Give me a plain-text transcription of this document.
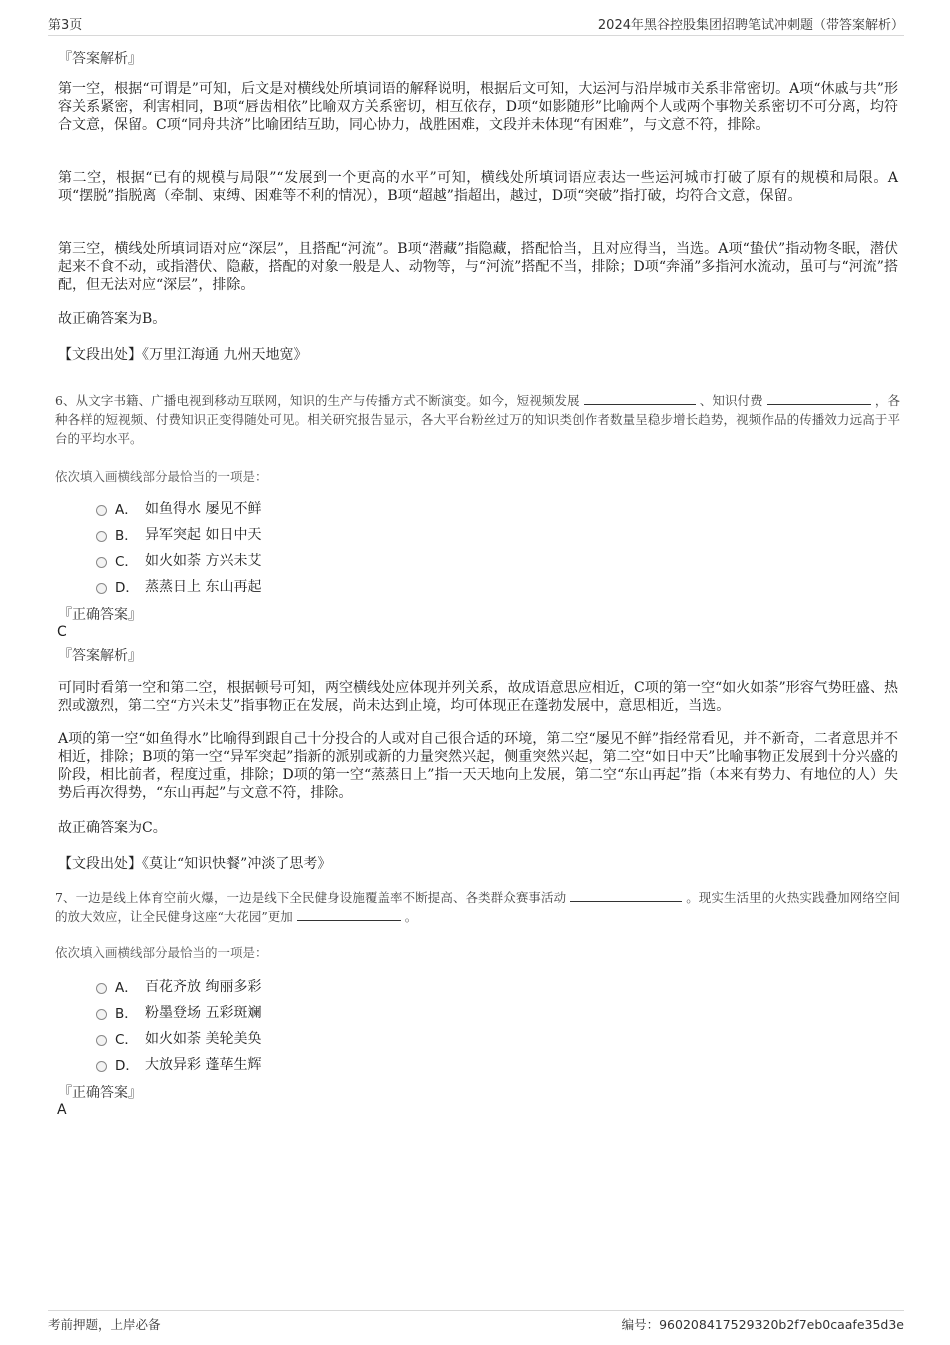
第3页	2024年黑谷控股集团招聘笔试冲刺题（带答案解析）
『答案解析』
第一空，根据“可谓是”可知，后文是对横线处所填词语的解释说明，根据后文可知，大运河与沿岸城市关系非常密切。A项“休戚与共”形容关系紧密，利害相同，B项“唇齿相依”比喻双方关系密切，相互依存，D项“如影随形”比喻两个人或两个事物关系密切不可分离，均符合文意，保留。C项“同舟共济”比喻团结互助，同心协力，战胜困难，文段并未体现“有困难”，与文意不符，排除。
第二空，根据“已有的规模与局限”“发展到一个更高的水平”可知，横线处所填词语应表达一些运河城市打破了原有的规模和局限。A项“摆脱”指脱离（牵制、束缚、困难等不利的情况），B项“超越”指超出，越过，D项“突破”指打破，均符合文意，保留。
第三空，横线处所填词语对应“深层”，且搭配“河流”。B项“潜藏”指隐藏，搭配恰当，且对应得当，当选。A项“蛰伏”指动物冬眠，潜伏起来不食不动，或指潜伏、隐蔽，搭配的对象一般是人、动物等，与“河流”搭配不当，排除；D项“奔涌”多指河水流动，虽可与“河流”搭配，但无法对应“深层”，排除。
故正确答案为B。
【文段出处】《万里江海通 九州天地宽》
6、从文字书籍、广播电视到移动互联网，知识的生产与传播方式不断演变。如今，短视频发展	、知识付费	，各种各样的短视频、付费知识正变得随处可见。相关研究报告显示，各大平台粉丝过万的知识类创作者数量呈稳步增长趋势，视频作品的传播效力远高于平台的平均水平。
依次填入画横线部分最恰当的一项是：
A． 如鱼得水 屡见不鲜
B． 异军突起 如日中天
C． 如火如荼 方兴未艾
D． 蒸蒸日上 东山再起
『正确答案』
C
『答案解析』
可同时看第一空和第二空，根据顿号可知，两空横线处应体现并列关系，故成语意思应相近，C项的第一空“如火如荼”形容气势旺盛、热烈或激烈，第二空“方兴未艾”指事物正在发展，尚未达到止境，均可体现正在蓬勃发展中，意思相近，当选。
A项的第一空“如鱼得水”比喻得到跟自己十分投合的人或对自己很合适的环境，第二空“屡见不鲜”指经常看见，并不新奇，二者意思并不相近，排除；B项的第一空“异军突起”指新的派别或新的力量突然兴起，侧重突然兴起，第二空“如日中天”比喻事物正发展到十分兴盛的阶段，相比前者，程度过重，排除；D项的第一空“蒸蒸日上”指一天天地向上发展，第二空“东山再起”指（本来有势力、有地位的人）失势后再次得势，“东山再起”与文意不符，排除。
故正确答案为C。
【文段出处】《莫让“知识快餐”冲淡了思考》
7、一边是线上体育空前火爆，一边是线下全民健身设施覆盖率不断提高、各类群众赛事活动	。现实生活里的火热实践叠加网络空间的放大效应，让全民健身这座“大花园”更加	。
依次填入画横线部分最恰当的一项是：
A． 百花齐放 绚丽多彩
B． 粉墨登场 五彩斑斓
C． 如火如荼 美轮美奂
D． 大放异彩 蓬荜生辉
『正确答案』
A
考前押题，上岸必备	编号：960208417529320b2f7eb0caafe35d3e
